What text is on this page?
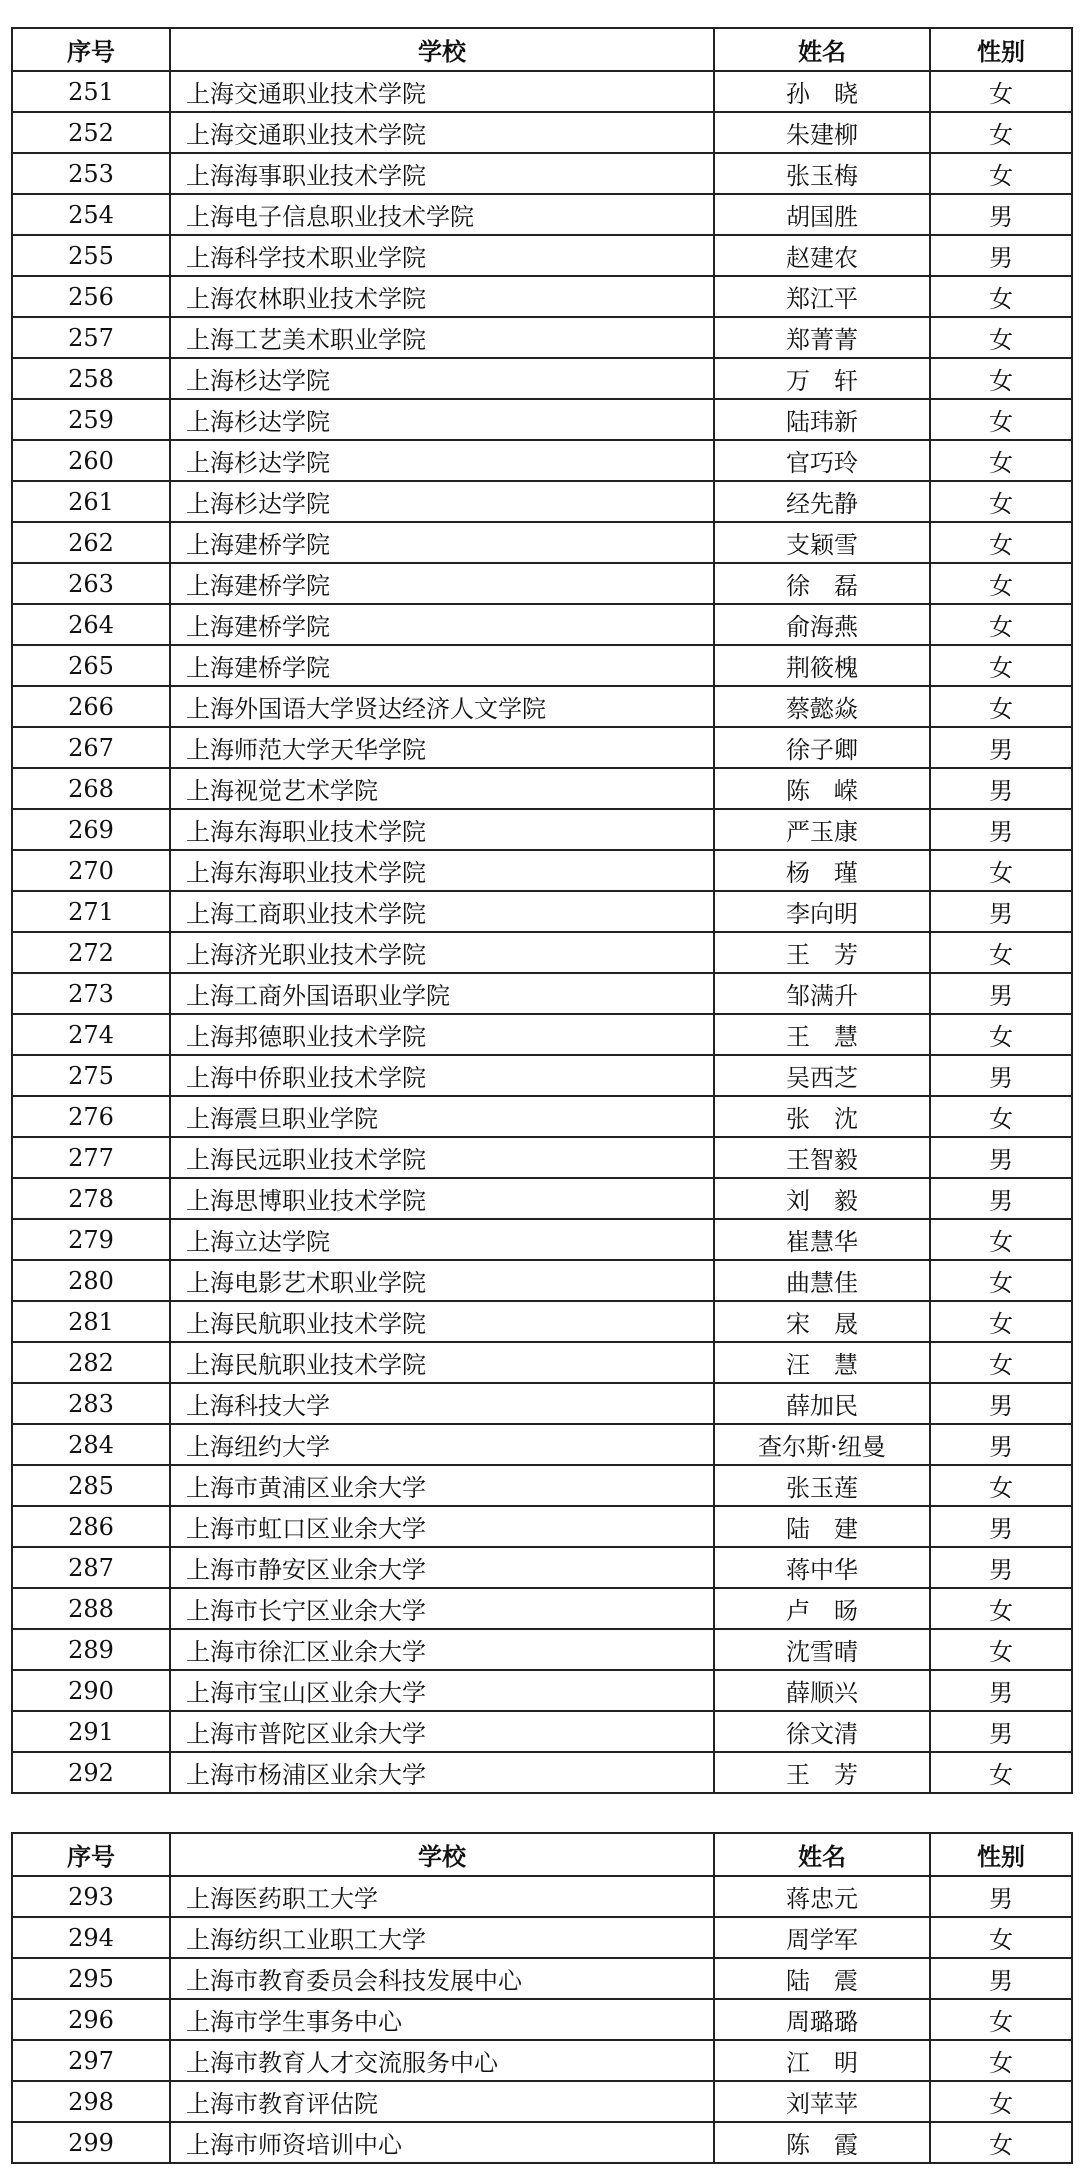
序号	学校	姓名	性别
251	上海交通职业技术学院	孙　晓	女
252	上海交通职业技术学院	朱建柳	女
253	上海海事职业技术学院	张玉梅	女
254	上海电子信息职业技术学院	胡国胜	男
255	上海科学技术职业学院	赵建农	男
256	上海农林职业技术学院	郑江平	女
257	上海工艺美术职业学院	郑菁菁	女
258	上海杉达学院	万　轩	女
259	上海杉达学院	陆玮新	女
260	上海杉达学院	官巧玲	女
261	上海杉达学院	经先静	女
262	上海建桥学院	支颖雪	女
263	上海建桥学院	徐　磊	女
264	上海建桥学院	俞海燕	女
265	上海建桥学院	荆筱槐	女
266	上海外国语大学贤达经济人文学院	蔡懿焱	女
267	上海师范大学天华学院	徐子卿	男
268	上海视觉艺术学院	陈　嵘	男
269	上海东海职业技术学院	严玉康	男
270	上海东海职业技术学院	杨　瑾	女
271	上海工商职业技术学院	李向明	男
272	上海济光职业技术学院	王　芳	女
273	上海工商外国语职业学院	邹满升	男
274	上海邦德职业技术学院	王　慧	女
275	上海中侨职业技术学院	吴西芝	男
276	上海震旦职业学院	张　沈	女
277	上海民远职业技术学院	王智毅	男
278	上海思博职业技术学院	刘　毅	男
279	上海立达学院	崔慧华	女
280	上海电影艺术职业学院	曲慧佳	女
281	上海民航职业技术学院	宋　晟	女
282	上海民航职业技术学院	汪　慧	女
283	上海科技大学	薛加民	男
284	上海纽约大学	查尔斯·纽曼	男
285	上海市黄浦区业余大学	张玉莲	女
286	上海市虹口区业余大学	陆　建	男
287	上海市静安区业余大学	蒋中华	男
288	上海市长宁区业余大学	卢　旸	女
289	上海市徐汇区业余大学	沈雪晴	女
290	上海市宝山区业余大学	薛顺兴	男
291	上海市普陀区业余大学	徐文清	男
292	上海市杨浦区业余大学	王　芳	女
序号	学校	姓名	性别
293	上海医药职工大学	蒋忠元	男
294	上海纺织工业职工大学	周学军	女
295	上海市教育委员会科技发展中心	陆　震	男
296	上海市学生事务中心	周璐璐	女
297	上海市教育人才交流服务中心	江　明	女
298	上海市教育评估院	刘苹苹	女
299	上海市师资培训中心	陈　霞	女
